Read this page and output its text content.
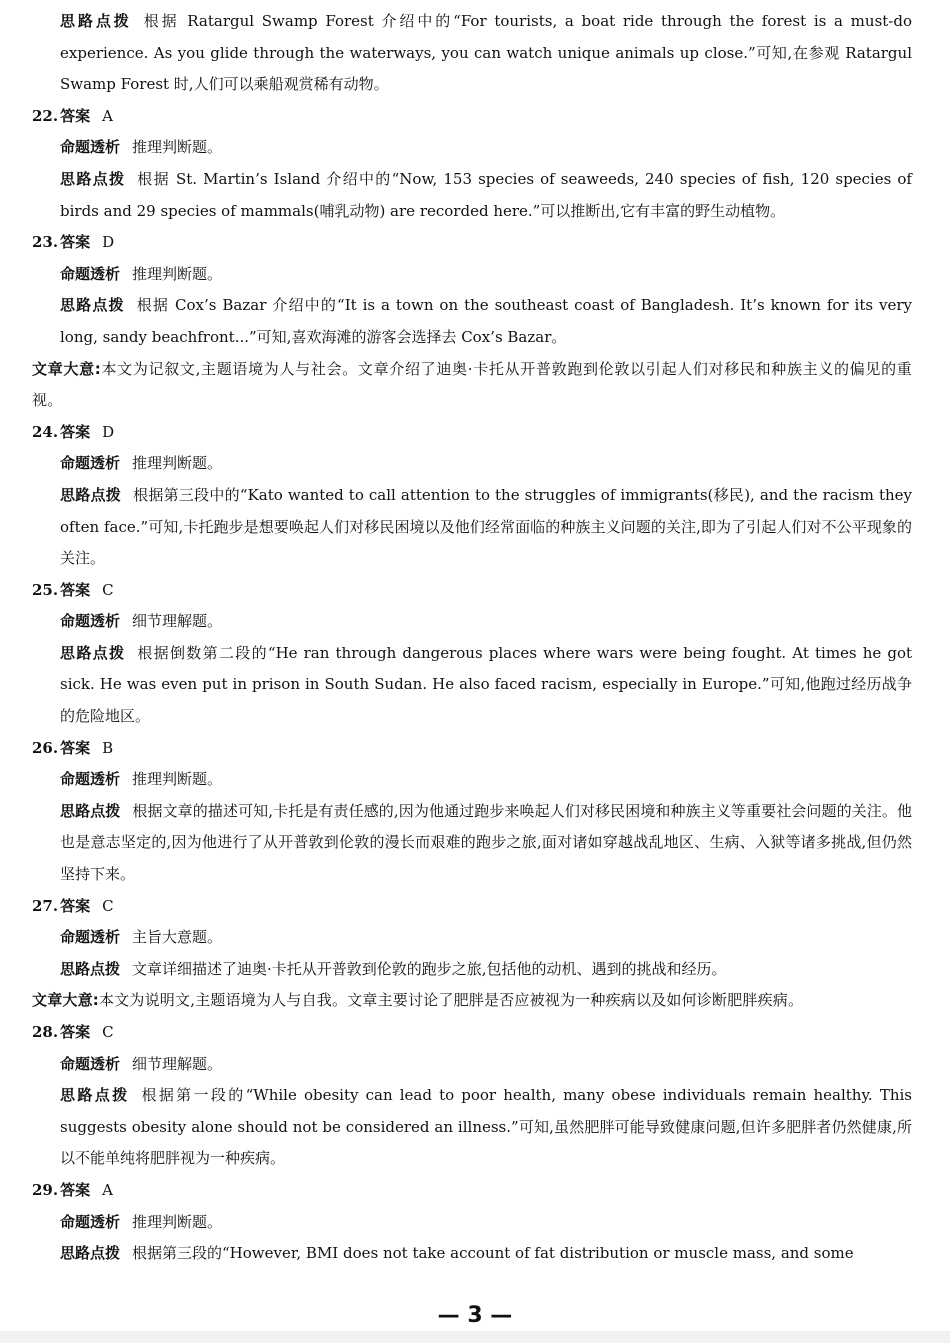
思路点拨 根据 Ratargul Swamp Forest 介绍中的“For tourists, a boat ride through the forest is a must-do experience. As you glide through the waterways, you can watch unique animals up close.”可知,在参观 Ratargul Swamp Forest 时,人们可以乘船观赏稀有动物。
22. 答案 A
命题透析 推理判断题。
思路点拨 根据 St. Martin’s Island 介绍中的“Now, 153 species of seaweeds, 240 species of fish, 120 species of birds and 29 species of mammals(哺乳动物) are recorded here.”可以推断出,它有丰富的野生动植物。
23. 答案 D
命题透析 推理判断题。
思路点拨 根据 Cox’s Bazar 介绍中的“It is a town on the southeast coast of Bangladesh. It’s known for its very long, sandy beachfront...”可知,喜欢海滩的游客会选择去 Cox’s Bazar。
文章大意:本文为记叙文,主题语境为人与社会。文章介绍了迪奥·卡托从开普敦跑到伦敦以引起人们对移民和种族主义的偏见的重视。
24. 答案 D
命题透析 推理判断题。
思路点拨 根据第三段中的“Kato wanted to call attention to the struggles of immigrants(移民), and the racism they often face.”可知,卡托跑步是想要唤起人们对移民困境以及他们经常面临的种族主义问题的关注,即为了引起人们对不公平现象的关注。
25. 答案 C
命题透析 细节理解题。
思路点拨 根据倒数第二段的“He ran through dangerous places where wars were being fought. At times he got sick. He was even put in prison in South Sudan. He also faced racism, especially in Europe.”可知,他跑过经历战争的危险地区。
26. 答案 B
命题透析 推理判断题。
思路点拨 根据文章的描述可知,卡托是有责任感的,因为他通过跑步来唤起人们对移民困境和种族主义等重要社会问题的关注。他也是意志坚定的,因为他进行了从开普敦到伦敦的漫长而艰难的跑步之旅,面对诸如穿越战乱地区、生病、入狱等诸多挑战,但仍然坚持下来。
27. 答案 C
命题透析 主旨大意题。
思路点拨 文章详细描述了迪奥·卡托从开普敦到伦敦的跑步之旅,包括他的动机、遇到的挑战和经历。
文章大意:本文为说明文,主题语境为人与自我。文章主要讨论了肥胖是否应被视为一种疾病以及如何诊断肥胖疾病。
28. 答案 C
命题透析 细节理解题。
思路点拨 根据第一段的“While obesity can lead to poor health, many obese individuals remain healthy. This suggests obesity alone should not be considered an illness.”可知,虽然肥胖可能导致健康问题,但许多肥胖者仍然健康,所以不能单纯将肥胖视为一种疾病。
29. 答案 A
命题透析 推理判断题。
思路点拨 根据第三段的“However, BMI does not take account of fat distribution or muscle mass, and some
— 3 —
